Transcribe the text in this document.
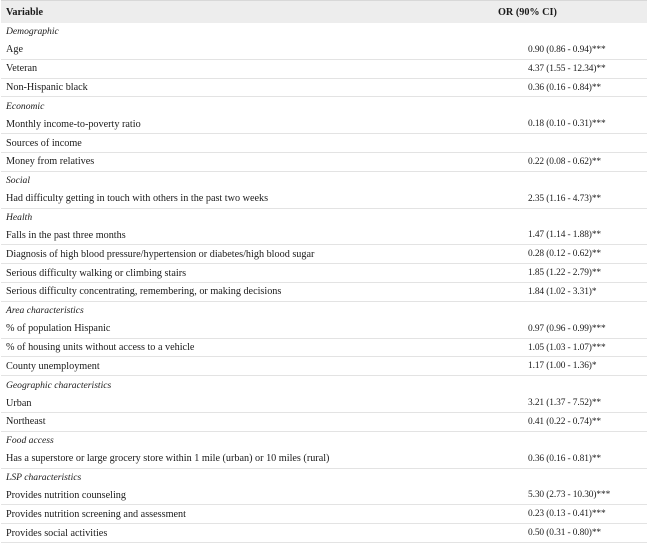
Variable	OR (90% CI)
Demographic
Age	0.90 (0.86 - 0.94)***
Veteran	4.37 (1.55 - 12.34)**
Non-Hispanic black	0.36 (0.16 - 0.84)**
Economic
Monthly income-to-poverty ratio	0.18 (0.10 - 0.31)***
Sources of income
Money from relatives	0.22 (0.08 - 0.62)**
Social
Had difficulty getting in touch with others in the past two weeks	2.35 (1.16 - 4.73)**
Health
Falls in the past three months	1.47 (1.14 - 1.88)**
Diagnosis of high blood pressure/hypertension or diabetes/high blood sugar	0.28 (0.12 - 0.62)**
Serious difficulty walking or climbing stairs	1.85 (1.22 - 2.79)**
Serious difficulty concentrating, remembering, or making decisions	1.84 (1.02 - 3.31)*
Area characteristics
% of population Hispanic	0.97 (0.96 - 0.99)***
% of housing units without access to a vehicle	1.05 (1.03 - 1.07)***
County unemployment	1.17 (1.00 - 1.36)*
Geographic characteristics
Urban	3.21 (1.37 - 7.52)**
Northeast	0.41 (0.22 - 0.74)**
Food access
Has a superstore or large grocery store within 1 mile (urban) or 10 miles (rural)	0.36 (0.16 - 0.81)**
LSP characteristics
Provides nutrition counseling	5.30 (2.73 - 10.30)***
Provides nutrition screening and assessment	0.23 (0.13 - 0.41)***
Provides social activities	0.50 (0.31 - 0.80)**
